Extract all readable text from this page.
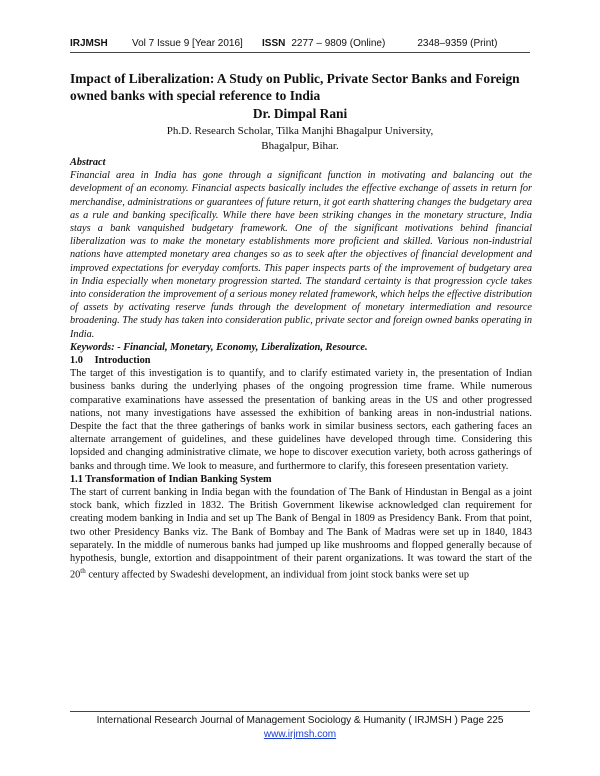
IRJMSH	Vol 7 Issue 9 [Year 2016]	ISSN 2277 – 9809 (Online)	2348–9359 (Print)
Impact of Liberalization: A Study on Public, Private Sector Banks and Foreign owned banks with special reference to India
Dr. Dimpal Rani
Ph.D. Research Scholar, Tilka Manjhi Bhagalpur University,
Bhagalpur, Bihar.

Abstract

Financial area in India has gone through a significant function in motivating and balancing out the development of an economy. Financial aspects basically includes the effective exchange of assets in return for merchandise, administrations or guarantees of future return, it got earth shattering changes the budgetary area as a rule and banking specifically. While there have been striking changes in the monetary structure, India stays a bank vanquished budgetary framework. One of the significant motivations behind financial liberalization was to make the monetary establishments more proficient and skilled. Various non-industrial nations have attempted monetary area changes so as to seek after the objectives of financial development and improved expectations for everyday comforts. This paper inspects parts of the improvement of budgetary area in India especially when monetary progression started. The standard certainty is that progression cycle takes into consideration the improvement of a serious money related framework, which helps the effective distribution of assets by activating reserve funds through the development of monetary intermediation and resource broadening. The study has taken into consideration public, private sector and foreign owned banks operating in India.

Keywords: - Financial, Monetary, Economy, Liberalization, Resource.

1.0 Introduction

The target of this investigation is to quantify, and to clarify estimated variety in, the presentation of Indian business banks during the underlying phases of the ongoing progression time frame. While numerous comparative examinations have assessed the presentation of banking areas in the US and other progressed nations, not many investigations have assessed the exhibition of banking areas in non-industrial nations. Despite the fact that the three gatherings of banks work in similar business sectors, each gathering faces an alternate arrangement of guidelines, and these guidelines have developed through time. Considering this lopsided and changing administrative climate, we hope to discover execution variety, both across gatherings of banks and through time. We look to measure, and furthermore to clarify, this foreseen presentation variety.

1.1 Transformation of Indian Banking System

The start of current banking in India began with the foundation of The Bank of Hindustan in Bengal as a joint stock bank, which fizzled in 1832. The British Government likewise acknowledged clan requirement for creating modem banking in India and set up The Bank of Bengal in 1809 as Presidency Bank. From that point, two other Presidency Banks viz. The Bank of Bombay and The Bank of Madras were set up in 1840, 1843 separately. In the middle of numerous banks had jumped up like mushrooms and flopped generally because of hypothesis, bungle, extortion and disappointment of their parent organizations. It was toward the start of the 20th century affected by Swadeshi development, an individual from joint stock banks were set up

International Research Journal of Management Sociology & Humanity ( IRJMSH ) Page 225
www.irjmsh.com
